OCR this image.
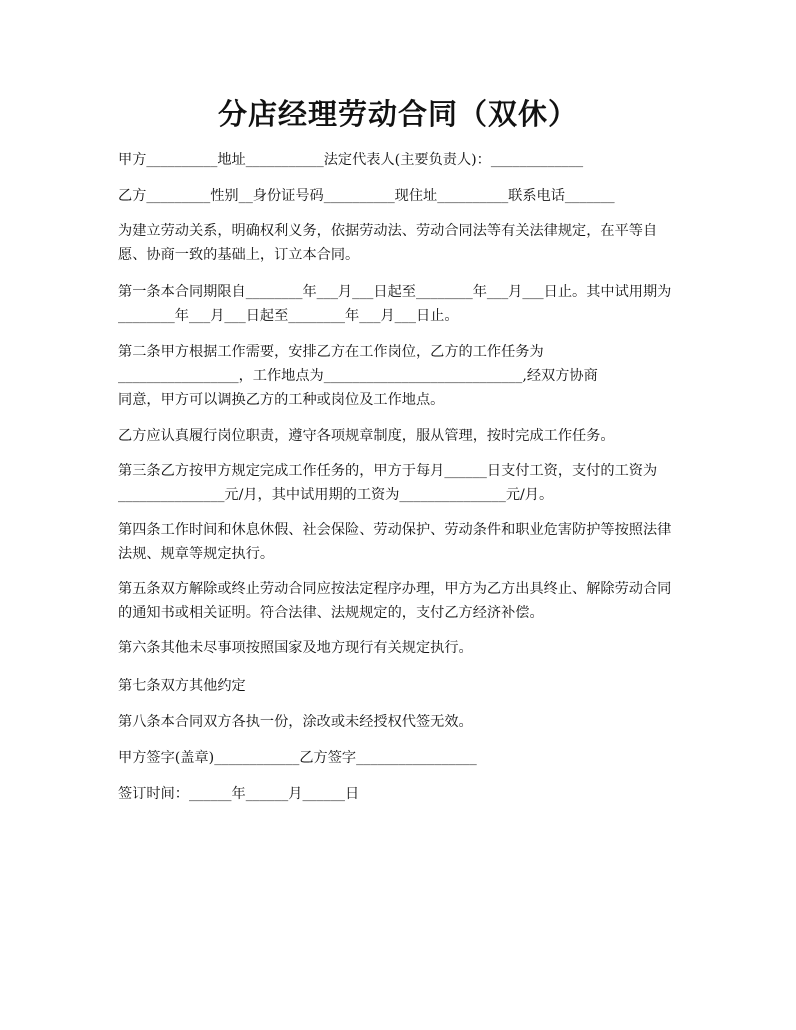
分店经理劳动合同（双休）
甲方__________地址___________法定代表人(主要负责人)：_____________
乙方_________性别__身份证号码__________现住址__________联系电话_______
为建立劳动关系，明确权利义务，依据劳动法、劳动合同法等有关法律规定，在平等自愿、协商一致的基础上，订立本合同。
第一条本合同期限自________年___月___日起至________年___月___日止。其中试用期为________年___月___日起至________年___月___日止。
第二条甲方根据工作需要，安排乙方在工作岗位，乙方的工作任务为
_________________，工作地点为____________________________,经双方协商
同意，甲方可以调换乙方的工种或岗位及工作地点。
乙方应认真履行岗位职责，遵守各项规章制度，服从管理，按时完成工作任务。
第三条乙方按甲方规定完成工作任务的，甲方于每月______日支付工资，支付的工资为_______________元/月，其中试用期的工资为_______________元/月。
第四条工作时间和休息休假、社会保险、劳动保护、劳动条件和职业危害防护等按照法律法规、规章等规定执行。
第五条双方解除或终止劳动合同应按法定程序办理，甲方为乙方出具终止、解除劳动合同的通知书或相关证明。符合法律、法规规定的，支付乙方经济补偿。
第六条其他未尽事项按照国家及地方现行有关规定执行。
第七条双方其他约定
第八条本合同双方各执一份，涂改或未经授权代签无效。
甲方签字(盖章)____________乙方签字_________________
签订时间：______年______月______日
